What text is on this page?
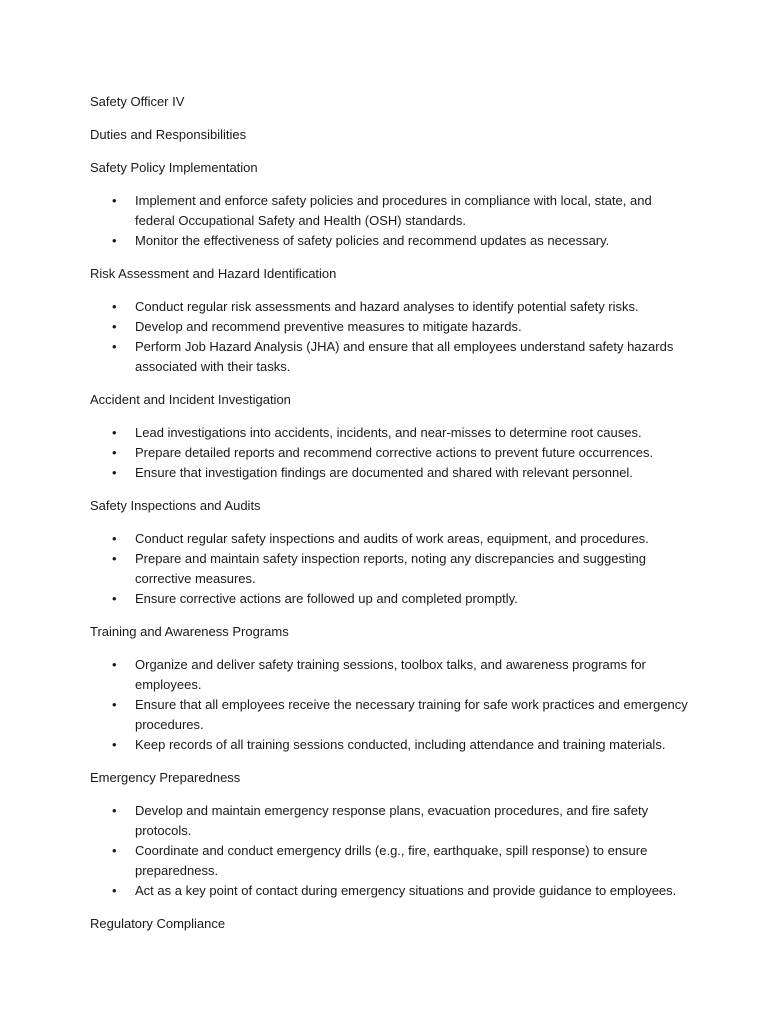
Safety Officer IV

Duties and Responsibilities

Safety Policy Implementation

•	Implement and enforce safety policies and procedures in compliance with local, state, and federal Occupational Safety and Health (OSH) standards.
•	Monitor the effectiveness of safety policies and recommend updates as necessary.

Risk Assessment and Hazard Identification

•	Conduct regular risk assessments and hazard analyses to identify potential safety risks.
•	Develop and recommend preventive measures to mitigate hazards.
•	Perform Job Hazard Analysis (JHA) and ensure that all employees understand safety hazards associated with their tasks.

Accident and Incident Investigation

•	Lead investigations into accidents, incidents, and near-misses to determine root causes.
•	Prepare detailed reports and recommend corrective actions to prevent future occurrences.
•	Ensure that investigation findings are documented and shared with relevant personnel.

Safety Inspections and Audits

•	Conduct regular safety inspections and audits of work areas, equipment, and procedures.
•	Prepare and maintain safety inspection reports, noting any discrepancies and suggesting corrective measures.
•	Ensure corrective actions are followed up and completed promptly.

Training and Awareness Programs

•	Organize and deliver safety training sessions, toolbox talks, and awareness programs for employees.
•	Ensure that all employees receive the necessary training for safe work practices and emergency procedures.
•	Keep records of all training sessions conducted, including attendance and training materials.

Emergency Preparedness

•	Develop and maintain emergency response plans, evacuation procedures, and fire safety protocols.
•	Coordinate and conduct emergency drills (e.g., fire, earthquake, spill response) to ensure preparedness.
•	Act as a key point of contact during emergency situations and provide guidance to employees.

Regulatory Compliance
